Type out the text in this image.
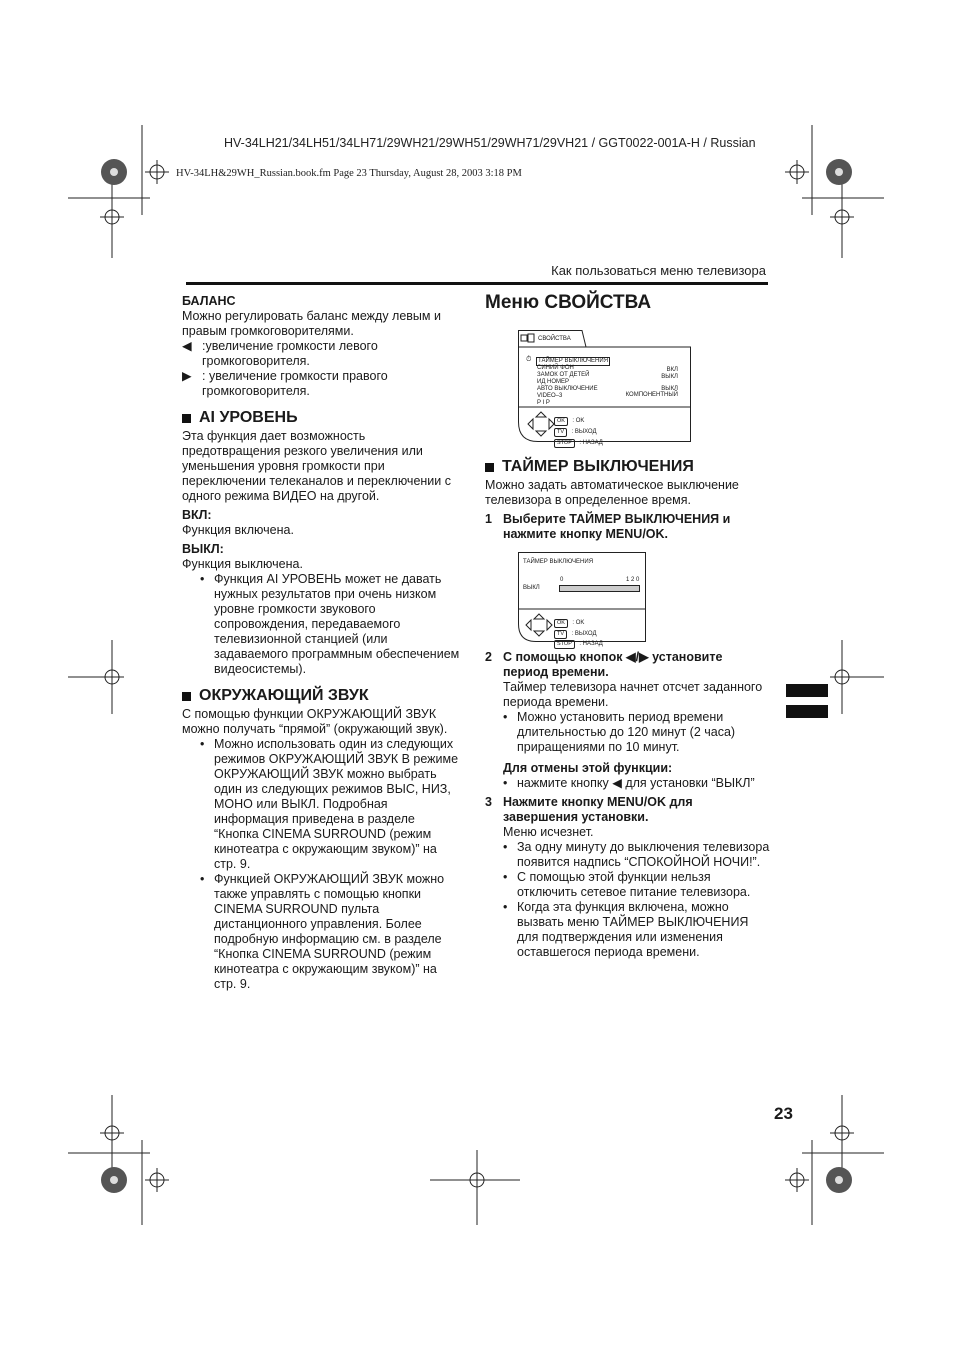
HV-34LH21/34LH51/34LH71/29WH21/29WH51/29WH71/29VH21 / GGT0022-001A-H / Russian
HV-34LH&29WH_Russian.book.fm Page 23 Thursday, August 28, 2003 3:18 PM
Как пользоваться меню телевизора

БАЛАНС

Можно регулировать баланс между левым и правым громкоговорителями.

◀ :увеличение громкости левого громкоговорителя.
▶ : увеличение громкости правого громкоговорителя.
AI УРОВЕНЬ

Эта функция дает возможность предотвращения резкого увеличения или уменьшения уровня громкости при переключении телеканалов и переключении с одного режима ВИДЕО на другой.

ВКЛ:

Функция включена.

ВЫКЛ:

Функция выключена.

• Функция AI УРОВЕНЬ может не давать нужных результатов при очень низком уровне громкости звукового сопровождения, передаваемого телевизионной станцией (или задаваемого программным обеспечением видеосистемы).
ОКРУЖАЮЩИЙ ЗВУК

С помощью функции ОКРУЖАЮЩИЙ ЗВУК можно получать “прямой” (окружающий звук).

• Можно использовать один из следующих режимов ОКРУЖАЮЩИЙ ЗВУК В режиме ОКРУЖАЮЩИЙ ЗВУК можно выбрать один из следующих режимов ВЫС, НИЗ, МОНО или ВЫКЛ. Подробная информация приведена в разделе “Кнопка CINEMA SURROUND (режим кинотеатра с окружающим звуком)” на стр. 9.
• Функцией ОКРУЖАЮЩИЙ ЗВУК можно также управлять с помощью кнопки CINEMA SURROUND пульта дистанционного управления. Более подробную информацию см. в разделе “Кнопка CINEMA SURROUND (режим кинотеатра с окружающим звуком)” на стр. 9.
Меню СВОЙСТВА
СВОЙСТВА
⏱	ТАЙМЕР ВЫКЛЮЧЕНИЯ
СИНИЙ ФОН
ЗАМОК ОТ ДЕТЕЙ
ИД НОМЕР
АВТО ВЫКЛЮЧЕНИЕ
VIDEO–3
P I P
ВКЛ
ВЫКЛ
ВЫКЛ
КОМПОНЕНТНЫЙ
OK : OK
TV : ВЫХОД
STOP : НАЗАД
ТАЙМЕР ВЫКЛЮЧЕНИЯ

Можно задать автоматическое выключение телевизора в определенное время.

1 Выберите ТАЙМЕР ВЫКЛЮЧЕНИЯ и нажмите кнопку MENU/OK.
ТАЙМЕР ВЫКЛЮЧЕНИЯ
ВЫКЛ
0	1 2 0
OK : OK
TV : ВЫХОД
STOP : НАЗАД
2 С помощью кнопок ◀/▶ установите период времени.

Таймер телевизора начнет отсчет заданного периода времени.

• Можно установить период времени длительностью до 120 минут (2 часа) приращениями по 10 минут.

Для отмены этой функции:

• нажмите кнопку ◀ для установки “ВЫКЛ”
3 Нажмите кнопку MENU/OK для завершения установки.

Меню исчезнет.

• За одну минуту до выключения телевизора появится надпись “СПОКОЙНОЙ НОЧИ!”.
• С помощью этой функции нельзя отключить сетевое питание телевизора.
• Когда эта функция включена, можно вызвать меню ТАЙМЕР ВЫКЛЮЧЕНИЯ для подтверждения или изменения оставшегося периода времени.
23
